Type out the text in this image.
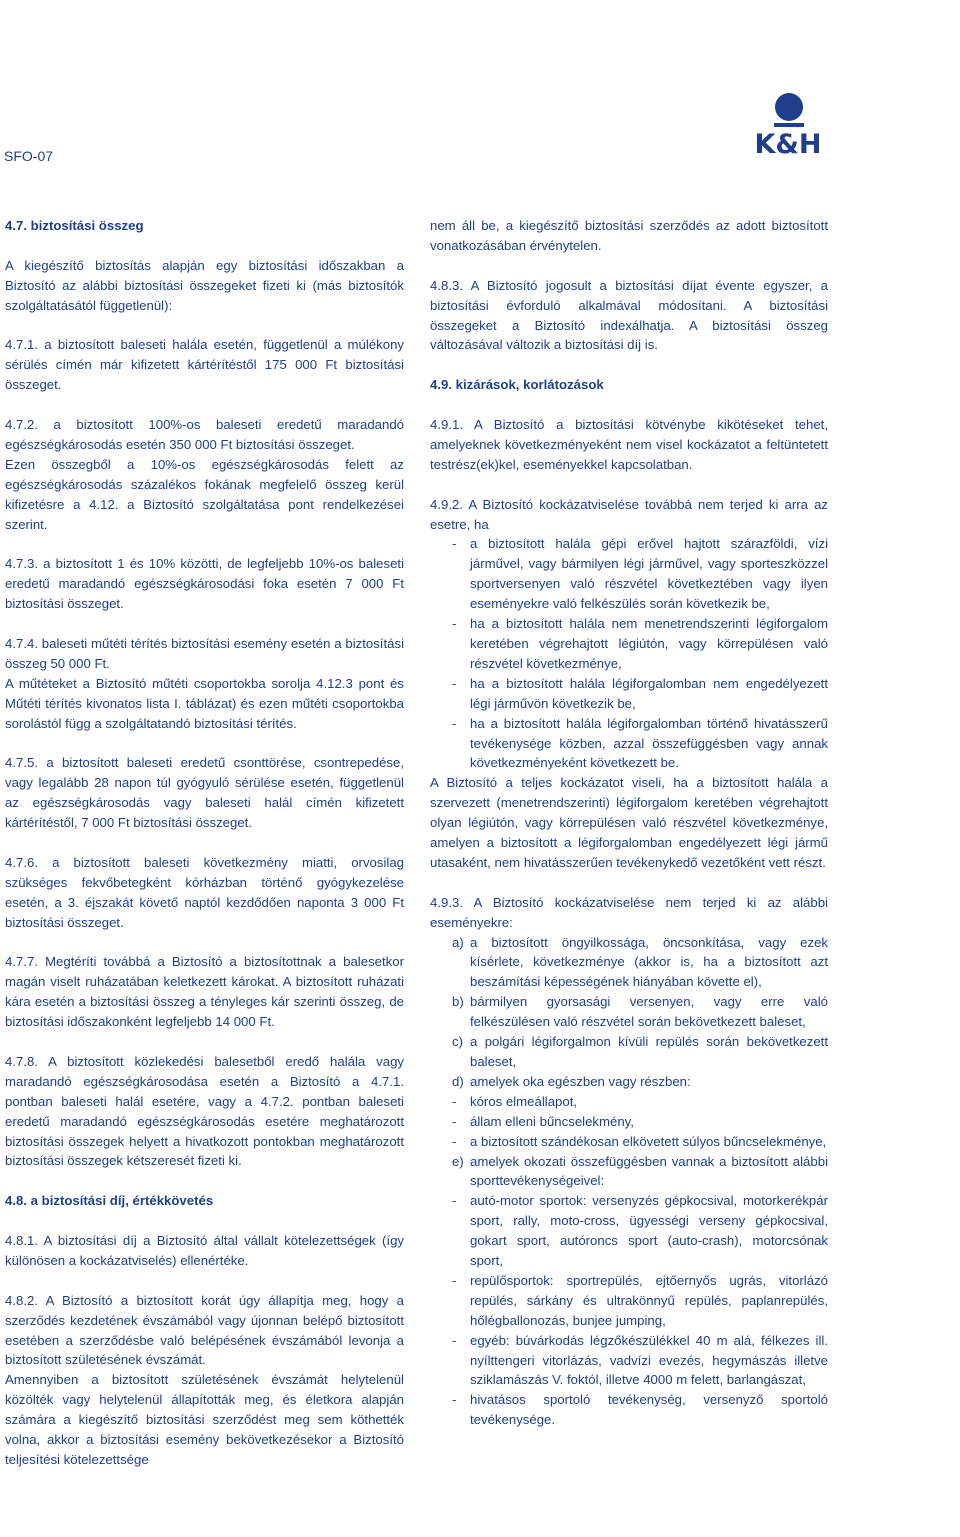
SFO-07	K&H
4.7. biztosítási összeg

A kiegészítő biztosítás alapján egy biztosítási időszakban a Biztosító az alábbi biztosítási összegeket fizeti ki (más biztosítók szolgáltatásától függetlenül):

4.7.1. a biztosított baleseti halála esetén, függetlenül a múlékony sérülés címén már kifizetett kártérítéstől 175 000 Ft biztosítási összeget.

4.7.2. a biztosított 100%-os baleseti eredetű maradandó egészségkárosodás esetén 350 000 Ft biztosítási összeget.

Ezen összegből a 10%-os egészségkárosodás felett az egészségkárosodás százalékos fokának megfelelő összeg kerül kifizetésre a 4.12. a Biztosító szolgáltatása pont rendelkezései szerint.

4.7.3. a biztosított 1 és 10% közötti, de legfeljebb 10%-os baleseti eredetű maradandó egészségkárosodási foka esetén 7 000 Ft biztosítási összeget.

4.7.4. baleseti műtéti térítés biztosítási esemény esetén a biztosítási összeg 50 000 Ft.

A műtéteket a Biztosító műtéti csoportokba sorolja 4.12.3 pont és Műtéti térítés kivonatos lista I. táblázat) és ezen műtéti csoportokba sorolástól függ a szolgáltatandó biztosítási térítés.

4.7.5. a biztosított baleseti eredetű csonttörése, csontrepedése, vagy legalább 28 napon túl gyógyuló sérülése esetén, függetlenül az egészségkárosodás vagy baleseti halál címén kifizetett kártérítéstől, 7 000 Ft biztosítási összeget.

4.7.6. a biztosított baleseti következmény miatti, orvosilag szükséges fekvőbetegként kórházban történő gyógykezelése esetén, a 3. éjszakát követő naptól kezdődően naponta 3 000 Ft biztosítási összeget.

4.7.7. Megtéríti továbbá a Biztosító a biztosítottnak a balesetkor magán viselt ruházatában keletkezett károkat. A biztosított ruházati kára esetén a biztosítási összeg a tényleges kár szerinti összeg, de biztosítási időszakonként legfeljebb 14 000 Ft.

4.7.8. A biztosított közlekedési balesetből eredő halála vagy maradandó egészségkárosodása esetén a Biztosító a 4.7.1. pontban baleseti halál esetére, vagy a 4.7.2. pontban baleseti eredetű maradandó egészségkárosodás esetére meghatározott biztosítási összegek helyett a hivatkozott pontokban meghatározott biztosítási összegek kétszeresét fizeti ki.

4.8. a biztosítási díj, értékkövetés

4.8.1. A biztosítási díj a Biztosító által vállalt kötelezettségek (így különösen a kockázatviselés) ellenértéke.

4.8.2. A Biztosító a biztosított korát úgy állapítja meg, hogy a szerződés kezdetének évszámából vagy újonnan belépő biztosított esetében a szerződésbe való belépésének évszámából levonja a biztosított születésének évszámát.

Amennyiben a biztosított születésének évszámát helytelenül közölték vagy helytelenül állapították meg, és életkora alapján számára a kiegészítő biztosítási szerződést meg sem köthették volna, akkor a biztosítási esemény bekövetkezésekor a Biztosító teljesítési kötelezettsége

nem áll be, a kiegészítő biztosítási szerződés az adott biztosított vonatkozásában érvénytelen.

4.8.3. A Biztosító jogosult a biztosítási díjat évente egyszer, a biztosítási évforduló alkalmával módosítani. A biztosítási összegeket a Biztosító indexálhatja. A biztosítási összeg változásával változik a biztosítási díj is.

4.9. kizárások, korlátozások

4.9.1. A Biztosító a biztosítási kötvénybe kikötéseket tehet, amelyeknek következményeként nem visel kockázatot a feltüntetett testrész(ek)kel, eseményekkel kapcsolatban.

4.9.2. A Biztosító kockázatviselése továbbá nem terjed ki arra az esetre, ha

- a biztosított halála gépi erővel hajtott szárazföldi, vízi járművel, vagy bármilyen légi járművel, vagy sporteszközzel sportversenyen való részvétel következtében vagy ilyen eseményekre való felkészülés során következik be,
- ha a biztosított halála nem menetrendszerinti légiforgalom keretében végrehajtott légiútón, vagy körrepülésen való részvétel következménye,
- ha a biztosított halála légiforgalomban nem engedélyezett légi járművön következik be,
- ha a biztosított halála légiforgalomban történő hivatásszerű tevékenysége közben, azzal összefüggésben vagy annak következményeként következett be.

A Biztosító a teljes kockázatot viseli, ha a biztosított halála a szervezett (menetrendszerinti) légiforgalom keretében végrehajtott olyan légiútón, vagy körrepülésen való részvétel következménye, amelyen a biztosított a légiforgalomban engedélyezett légi jármű utasaként, nem hivatásszerűen tevékenykedő vezetőként vett részt.

4.9.3. A Biztosító kockázatviselése nem terjed ki az alábbi eseményekre:

a) a biztosított öngyilkossága, öncsonkítása, vagy ezek kísérlete, következménye (akkor is, ha a biztosított azt beszámítási képességének hiányában követte el),
b) bármilyen gyorsasági versenyen, vagy erre való felkészülésen való részvétel során bekövetkezett baleset,
c) a polgári légiforgalmon kívüli repülés során bekövetkezett baleset,
d) amelyek oka egészben vagy részben:
- kóros elmeállapot,
- állam elleni bűncselekmény,
- a biztosított szándékosan elkövetett súlyos bűncselekménye,
e) amelyek okozati összefüggésben vannak a biztosított alábbi sporttevékenységeivel:
- autó-motor sportok: versenyzés gépkocsival, motorkerékpár sport, rally, moto-cross, ügyességi verseny gépkocsival, gokart sport, autóroncs sport (auto-crash), motorcsónak sport,
- repülősportok: sportrepülés, ejtőernyős ugrás, vitorlázó repülés, sárkány és ultrakönnyű repülés, paplanrepülés, hőlégballonozás, bunjee jumping,
- egyéb: búvárkodás légzőkészülékkel 40 m alá, félkezes ill. nyílttengeri vitorlázás, vadvízi evezés, hegymászás illetve sziklamászás V. foktól, illetve 4000 m felett, barlangászat,
- hivatásos sportoló tevékenység, versenyző sportoló tevékenysége.
